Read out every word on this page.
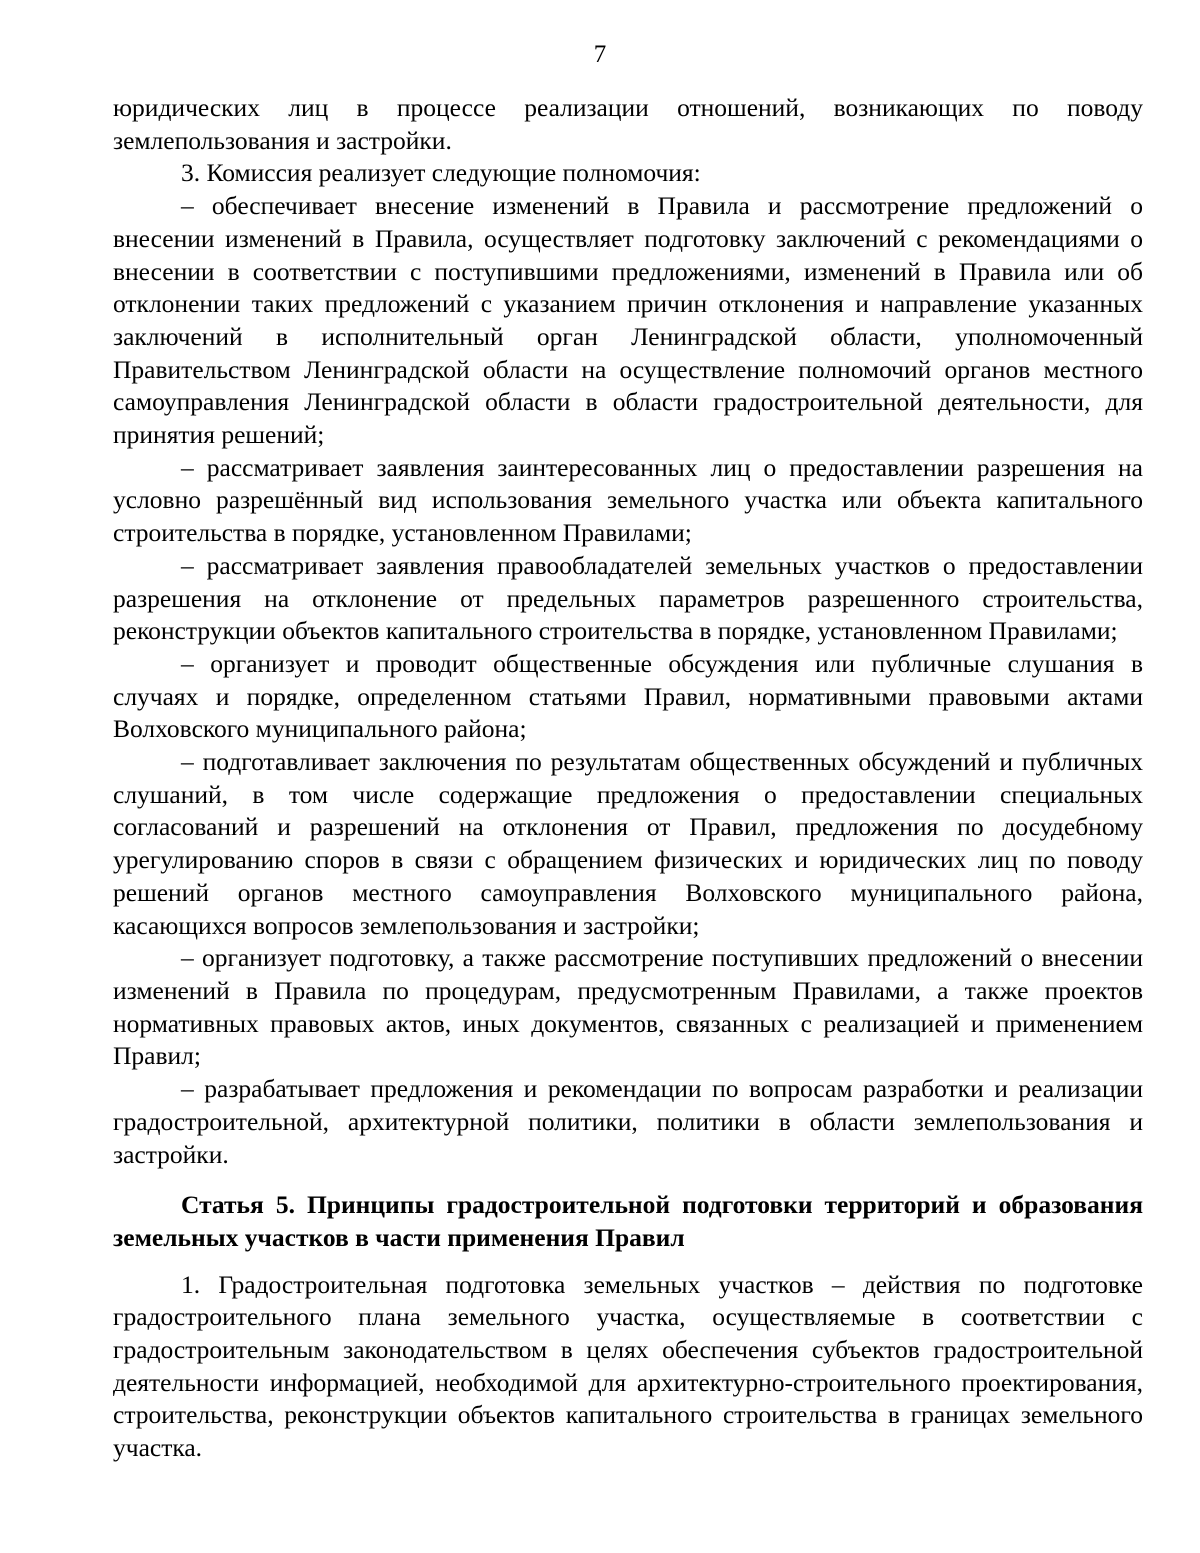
7

юридических лиц в процессе реализации отношений, возникающих по поводу землепользования и застройки.

3. Комиссия реализует следующие полномочия:

– обеспечивает внесение изменений в Правила и рассмотрение предложений о внесении изменений в Правила, осуществляет подготовку заключений с рекомендациями о внесении в соответствии с поступившими предложениями, изменений в Правила или об отклонении таких предложений с указанием причин отклонения и направление указанных заключений в исполнительный орган Ленинградской области, уполномоченный Правительством Ленинградской области на осуществление полномочий органов местного самоуправления Ленинградской области в области градостроительной деятельности, для принятия решений;

– рассматривает заявления заинтересованных лиц о предоставлении разрешения на условно разрешённый вид использования земельного участка или объекта капитального строительства в порядке, установленном Правилами;

– рассматривает заявления правообладателей земельных участков о предоставлении разрешения на отклонение от предельных параметров разрешенного строительства, реконструкции объектов капитального строительства в порядке, установленном Правилами;

– организует и проводит общественные обсуждения или публичные слушания в случаях и порядке, определенном статьями Правил, нормативными правовыми актами Волховского муниципального района;

– подготавливает заключения по результатам общественных обсуждений и публичных слушаний, в том числе содержащие предложения о предоставлении специальных согласований и разрешений на отклонения от Правил, предложения по досудебному урегулированию споров в связи с обращением физических и юридических лиц по поводу решений органов местного самоуправления Волховского муниципального района, касающихся вопросов землепользования и застройки;

– организует подготовку, а также рассмотрение поступивших предложений о внесении изменений в Правила по процедурам, предусмотренным Правилами, а также проектов нормативных правовых актов, иных документов, связанных с реализацией и применением Правил;

– разрабатывает предложения и рекомендации по вопросам разработки и реализации градостроительной, архитектурной политики, политики в области землепользования и застройки.

Статья 5. Принципы градостроительной подготовки территорий и образования земельных участков в части применения Правил

1. Градостроительная подготовка земельных участков – действия по подготовке градостроительного плана земельного участка, осуществляемые в соответствии с градостроительным законодательством в целях обеспечения субъектов градостроительной деятельности информацией, необходимой для архитектурно-строительного проектирования, строительства, реконструкции объектов капитального строительства в границах земельного участка.
